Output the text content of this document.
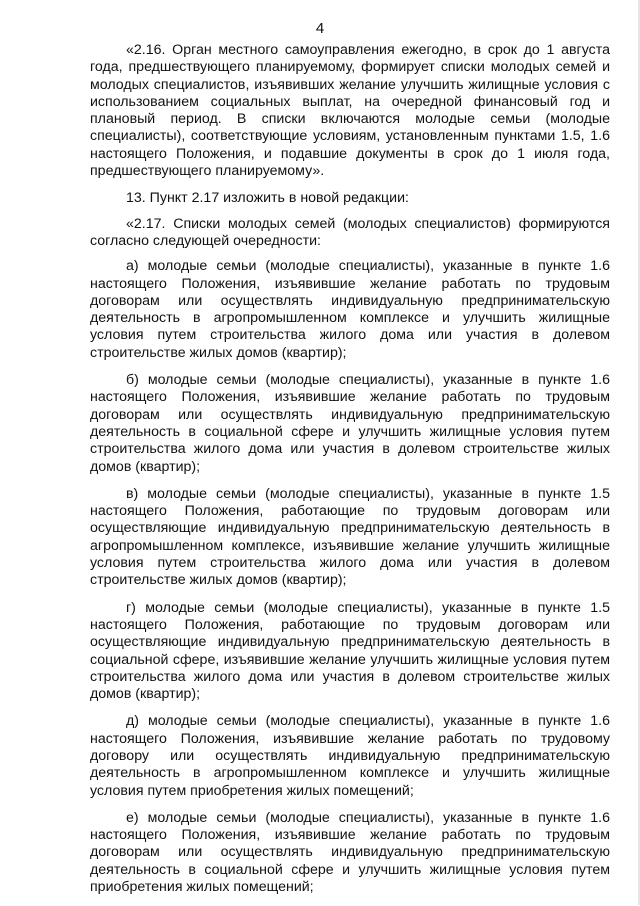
4

«2.16. Орган местного самоуправления ежегодно, в срок до 1 августа года, предшествующего планируемому, формирует списки молодых семей и молодых специалистов, изъявивших желание улучшить жилищные условия с использованием социальных выплат, на очередной финансовый год и плановый период. В списки включаются молодые семьи (молодые специалисты), соответствующие условиям, установленным пунктами 1.5, 1.6 настоящего Положения, и подавшие документы в срок до 1 июля года, предшествующего планируемому».

13. Пункт 2.17 изложить в новой редакции:

«2.17. Списки молодых семей (молодых специалистов) формируются согласно следующей очередности:

а) молодые семьи (молодые специалисты), указанные в пункте 1.6 настоящего Положения, изъявившие желание работать по трудовым договорам или осуществлять индивидуальную предпринимательскую деятельность в агропромышленном комплексе и улучшить жилищные условия путем строительства жилого дома или участия в долевом строительстве жилых домов (квартир);

б) молодые семьи (молодые специалисты), указанные в пункте 1.6 настоящего Положения, изъявившие желание работать по трудовым договорам или осуществлять индивидуальную предпринимательскую деятельность в социальной сфере и улучшить жилищные условия путем строительства жилого дома или участия в долевом строительстве жилых домов (квартир);

в) молодые семьи (молодые специалисты), указанные в пункте 1.5 настоящего Положения, работающие по трудовым договорам или осуществляющие индивидуальную предпринимательскую деятельность в агропромышленном комплексе, изъявившие желание улучшить жилищные условия путем строительства жилого дома или участия в долевом строительстве жилых домов (квартир);

г) молодые семьи (молодые специалисты), указанные в пункте 1.5 настоящего Положения, работающие по трудовым договорам или осуществляющие индивидуальную предпринимательскую деятельность в социальной сфере, изъявившие желание улучшить жилищные условия путем строительства жилого дома или участия в долевом строительстве жилых домов (квартир);

д) молодые семьи (молодые специалисты), указанные в пункте 1.6 настоящего Положения, изъявившие желание работать по трудовому договору или осуществлять индивидуальную предпринимательскую деятельность в агропромышленном комплексе и улучшить жилищные условия путем приобретения жилых помещений;

е) молодые семьи (молодые специалисты), указанные в пункте 1.6 настоящего Положения, изъявившие желание работать по трудовым договорам или осуществлять индивидуальную предпринимательскую деятельность в социальной сфере и улучшить жилищные условия путем приобретения жилых помещений;
